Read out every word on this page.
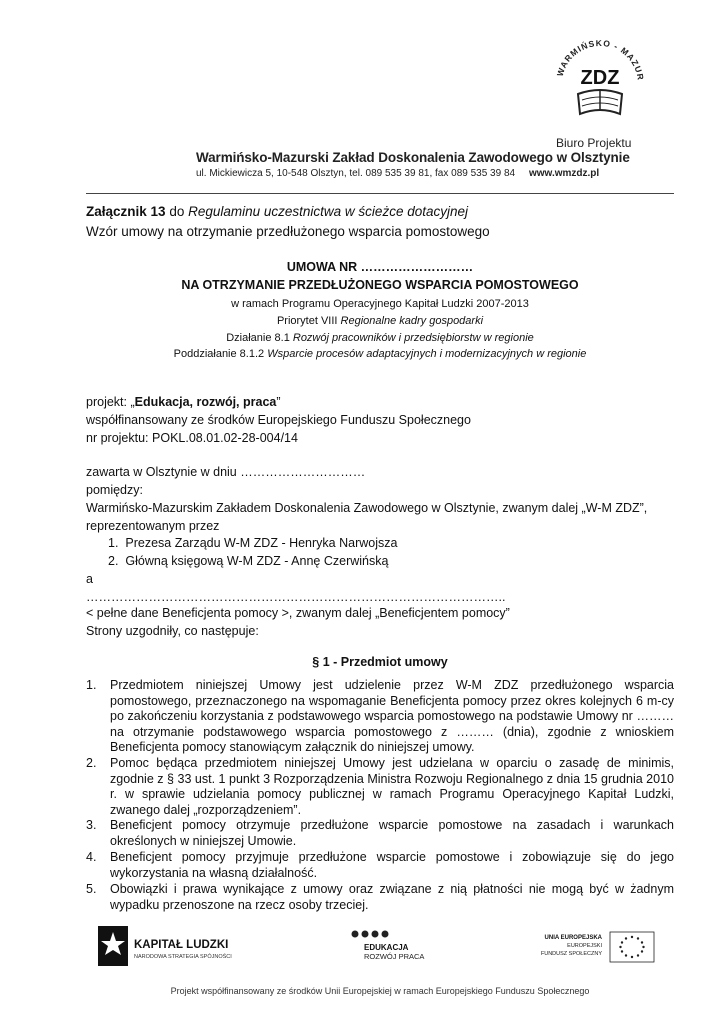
WARMIŃSKO - MAZUR
ZDZ
Biuro Projektu
Warmińsko-Mazurski Zakład Doskonalenia Zawodowego w Olsztynie
ul. Mickiewicza 5, 10-548 Olsztyn, tel. 089 535 39 81, fax 089 535 39 84 www.wmzdz.pl
Załącznik 13 do Regulaminu uczestnictwa w ścieżce dotacyjnej
Wzór umowy na otrzymanie przedłużonego wsparcia pomostowego
UMOWA NR ………………………
NA OTRZYMANIE PRZEDŁUŻONEGO WSPARCIA POMOSTOWEGO
w ramach Programu Operacyjnego Kapitał Ludzki 2007-2013
Priorytet VIII Regionalne kadry gospodarki
Działanie 8.1 Rozwój pracowników i przedsiębiorstw w regionie
Poddziałanie 8.1.2 Wsparcie procesów adaptacyjnych i modernizacyjnych w regionie
projekt: „Edukacja, rozwój, praca”
współfinansowany ze środków Europejskiego Funduszu Społecznego
nr projektu: POKL.08.01.02-28-004/14
zawarta w Olsztynie w dniu …………………………
pomiędzy:
Warmińsko-Mazurskim Zakładem Doskonalenia Zawodowego w Olsztynie, zwanym dalej „W-M ZDZ”,
reprezentowanym przez
1. Prezesa Zarządu W-M ZDZ - Henryka Narwojsza
2. Główną księgową W-M ZDZ - Annę Czerwińską
a
………………………………………………………………………………………..
< pełne dane Beneficjenta pomocy >, zwanym dalej „Beneficjentem pomocy”
Strony uzgodniły, co następuje:
§ 1 - Przedmiot umowy
1. Przedmiotem niniejszej Umowy jest udzielenie przez W-M ZDZ przedłużonego wsparcia pomostowego, przeznaczonego na wspomaganie Beneficjenta pomocy przez okres kolejnych 6 m-cy po zakończeniu korzystania z podstawowego wsparcia pomostowego na podstawie Umowy nr ……… na otrzymanie podstawowego wsparcia pomostowego z ……… (dnia), zgodnie z wnioskiem Beneficjenta pomocy stanowiącym załącznik do niniejszej umowy.
2. Pomoc będąca przedmiotem niniejszej Umowy jest udzielana w oparciu o zasadę de minimis, zgodnie z § 33 ust. 1 punkt 3 Rozporządzenia Ministra Rozwoju Regionalnego z dnia 15 grudnia 2010 r. w sprawie udzielania pomocy publicznej w ramach Programu Operacyjnego Kapitał Ludzki, zwanego dalej „rozporządzeniem”.
3. Beneficjent pomocy otrzymuje przedłużone wsparcie pomostowe na zasadach i warunkach określonych w niniejszej Umowie.
4. Beneficjent pomocy przyjmuje przedłużone wsparcie pomostowe i zobowiązuje się do jego wykorzystania na własną działalność.
5. Obowiązki i prawa wynikające z umowy oraz związane z nią płatności nie mogą być w żadnym wypadku przenoszone na rzecz osoby trzeciej.
KAPITAŁ LUDZKI
NARODOWA STRATEGIA SPÓJNOŚCI
EDUKACJA
ROZWÓJ PRACA
UNIA EUROPEJSKA
EUROPEJSKI
FUNDUSZ SPOŁECZNY
Projekt współfinansowany ze środków Unii Europejskiej w ramach Europejskiego Funduszu Społecznego
